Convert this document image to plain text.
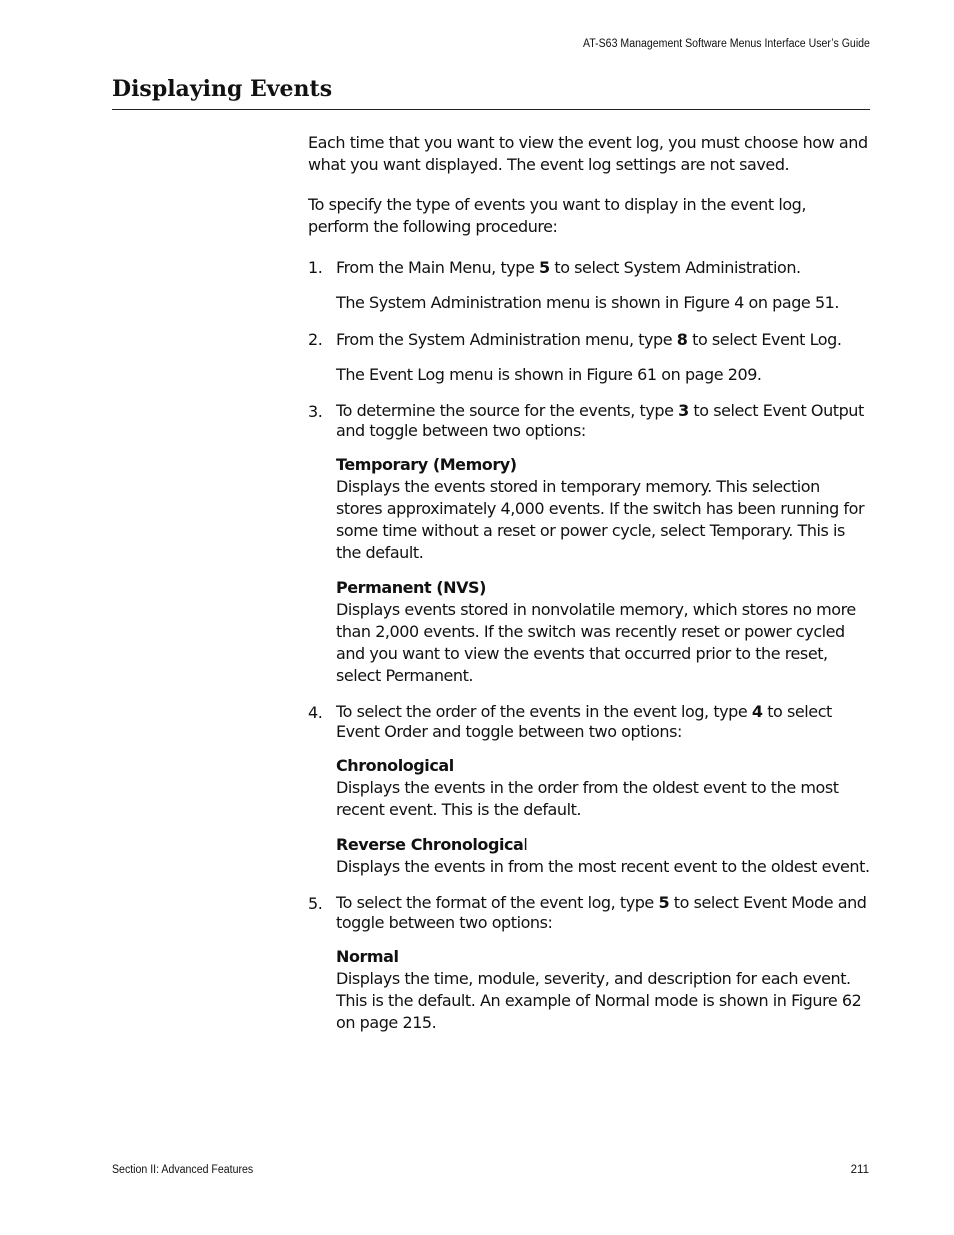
AT-S63 Management Software Menus Interface User’s Guide
Displaying Events

Each time that you want to view the event log, you must choose how and what you want displayed. The event log settings are not saved.

To specify the type of events you want to display in the event log, perform the following procedure:

1. From the Main Menu, type 5 to select System Administration.

The System Administration menu is shown in Figure 4 on page 51.

2. From the System Administration menu, type 8 to select Event Log.

The Event Log menu is shown in Figure 61 on page 209.

3. To determine the source for the events, type 3 to select Event Output and toggle between two options:

Temporary (Memory)

Displays the events stored in temporary memory. This selection stores approximately 4,000 events. If the switch has been running for some time without a reset or power cycle, select Temporary. This is the default.

Permanent (NVS)

Displays events stored in nonvolatile memory, which stores no more than 2,000 events. If the switch was recently reset or power cycled and you want to view the events that occurred prior to the reset, select Permanent.

4. To select the order of the events in the event log, type 4 to select Event Order and toggle between two options:

Chronological

Displays the events in the order from the oldest event to the most recent event. This is the default.

Reverse Chronological

Displays the events in from the most recent event to the oldest event.

5. To select the format of the event log, type 5 to select Event Mode and toggle between two options:

Normal

Displays the time, module, severity, and description for each event. This is the default. An example of Normal mode is shown in Figure 62 on page 215.

Section II: Advanced Features	211
